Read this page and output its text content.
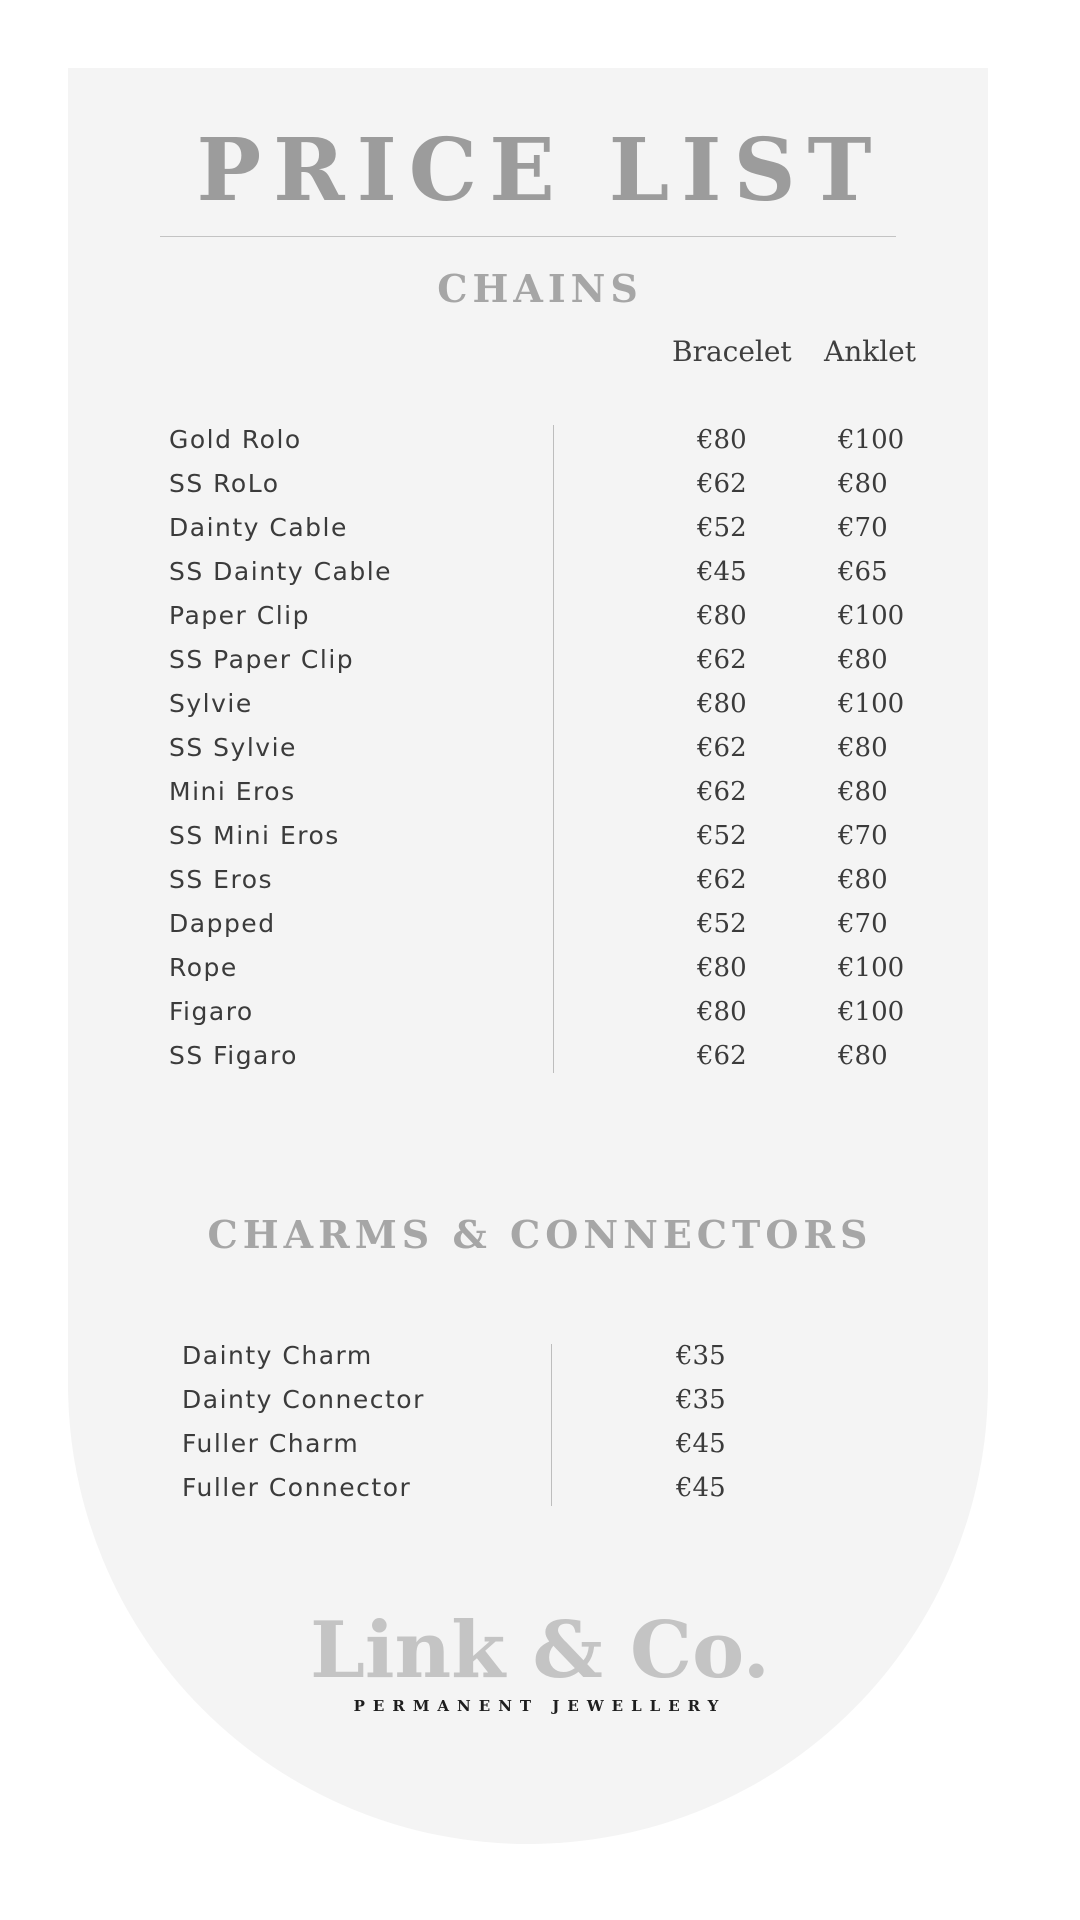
PRICE LIST
CHAINS
Bracelet Anklet
Gold Rolo	€80	€100
SS RoLo	€62	€80
Dainty Cable	€52	€70
SS Dainty Cable	€45	€65
Paper Clip	€80	€100
SS Paper Clip	€62	€80
Sylvie	€80	€100
SS Sylvie	€62	€80
Mini Eros	€62	€80
SS Mini Eros	€52	€70
SS Eros	€62	€80
Dapped	€52	€70
Rope	€80	€100
Figaro	€80	€100
SS Figaro	€62	€80
CHARMS & CONNECTORS
Dainty Charm	€35
Dainty Connector	€35
Fuller Charm	€45
Fuller Connector	€45
Link & Co.
PERMANENT JEWELLERY
